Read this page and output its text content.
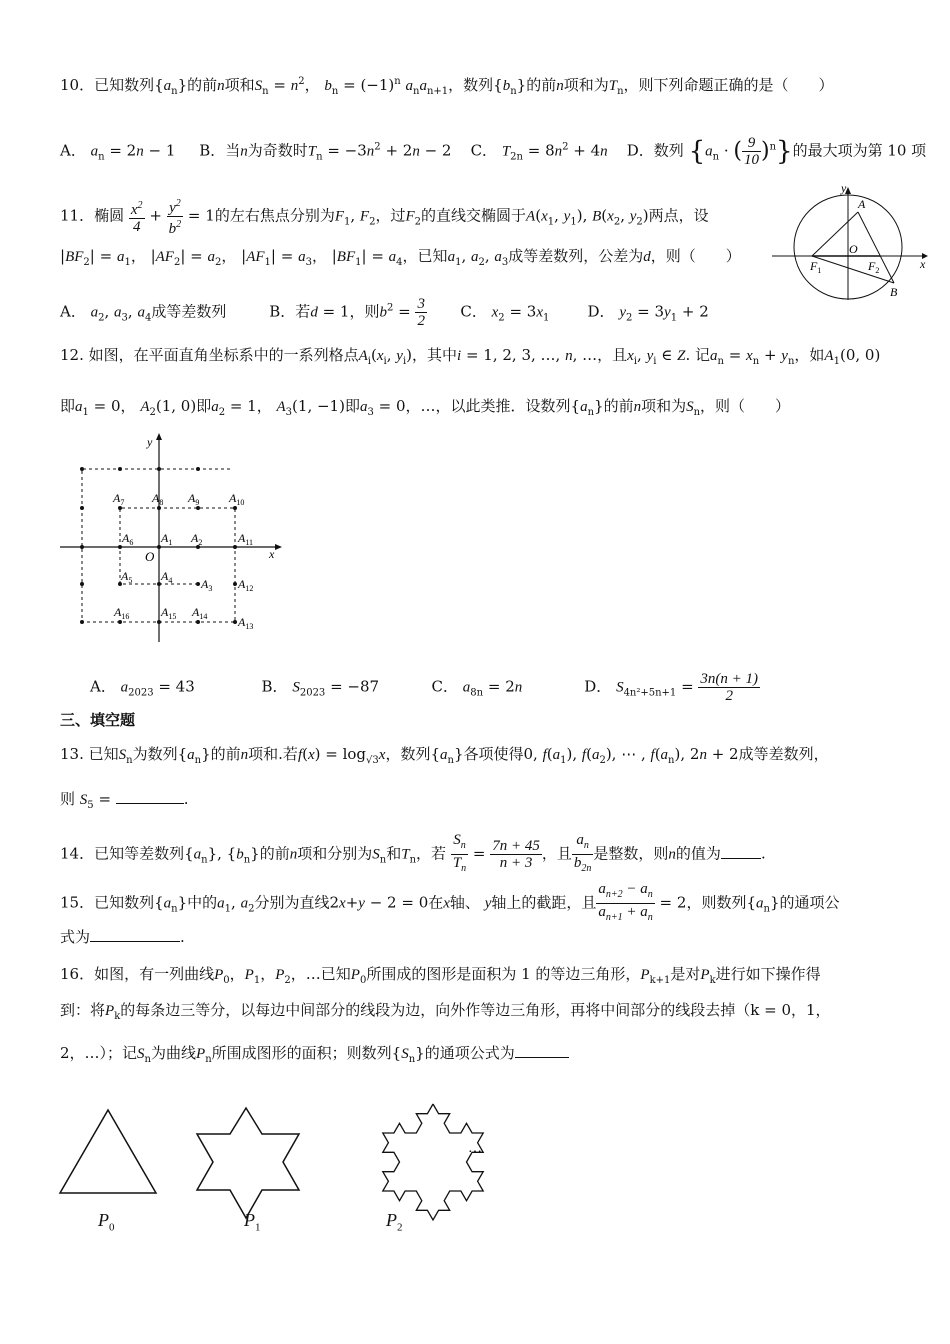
10．已知数列$\{a_n\}$的前n项和$S_n = n^2$， $b_n = (-1)^n$ $a_na_{n+1}$，数列$\{b_n\}$的前n项和为$T_n$，则下列命题正确的是（　　）
A． $a_n = 2n - 1$     B．当n为奇数时$T_n = -3n^2 + 2n - 2$    C． $T_{2n} = 8n^2 + 4n$ D．数列 {$a_n$ · ( $\frac{9}{10} )^n$}的最大项为第 10 项
11．椭圆 $\frac{x^2}{4} + \frac{y^2}{b^2} = 1$的左右焦点分别为$F_1$, $F_2$，过$F_2$的直线交椭圆于$A(x_1$, $y_1$), $B(x_2$, $y_2$)两点，设
$|BF_2| = a_1$， $|AF_2| = a_2$， $|AF_1| = a_3$， $|BF_1| = a_4$，已知$a_1$, $a_2$, $a_3$成等差数列，公差为d，则（　　）
A． $a_2$, $a_3$, $a_4$成等差数列	B．若d = 1，则$b^2 = \frac{3}{2}$ C． $x_2 = 3x_1$	D． $y_2 = 3y_1 + 2$
y
A
O
$F_1$	$F_2$
B
x
12. 如图，在平面直角坐标系中的一系列格点$A_i(x_i$, $y_i$)，其中i = 1, 2, 3, …, n, …，且$x_i$, $y_i$ ∈ Z. 记$a_n = x_n + y_n$，如$A_1(0$, 0)
即$a_1 = 0$， $A_2(1$, 0)即$a_2 = 1$， $A_3(1$, −1)即$a_3 = 0$，…，以此类推．设数列$\{a_n\}$的前n项和为$S_n$，则（　　）
$A_7$ $A_8$ $A_9$ $A_{10}$
$A_6$ $A_1$ $A_2$	$A_{11}$
$A_5$ $A_4$ $A_3$ $A_{12}$
$A_{16}$	$A_{15}$ $A_{14}$	$A_{13}$
y
x
O
A． $a_{2023} = 43$              B． $S_{2023} = -87$           C． $a_{8n} = 2n$	D． $S_{4n^2+5n+1} = \frac{3n(n + 1)}{2}$
三、填空题
13. 已知$S_n$为数列$\{a_n\}$的前n项和.若$f(x) = \log_{√3}x$，数列$\{a_n\}$各项使得0, $f(a_1)$, $f(a_2)$, ⋯ , $f(a_n)$, 2n + 2成等差数列，
则 $S_5$ =	.
14．已知等差数列$\{a_n\}$, $\{b_n\}$的前n项和分别为$S_n$和$T_n$，若 $\frac{S_n}{T_n} = \frac{7n + 45}{n + 3}$ ，且 $\frac{a_n}{b_{2n}}$ 是整数，则n的值为	.
15．已知数列$\{a_n\}$中的$a_1$, $a_2$分别为直线2x+y − 2 = 0在x轴、 y轴上的截距，且 $\frac{a_{n+2} - a_n}{a_{n+1} + a_n} = 2$，则数列$\{a_n\}$的通项公
式为	.
16．如图，有一列曲线$P_0$，$P_1$，$P_2$，…已知$P_0$所围成的图形是面积为 1 的等边三角形，$P_{k+1}$是对$P_k$进行如下操作得
到：将$P_k$的每条边三等分，以每边中间部分的线段为边，向外作等边三角形，再将中间部分的线段去掉（k = 0，1，
2，…）；记$S_n$为曲线$P_n$所围成图形的面积；则数列$\{S_n\}$的通项公式为
…
$P_0$	$P_1$	$P_2$
